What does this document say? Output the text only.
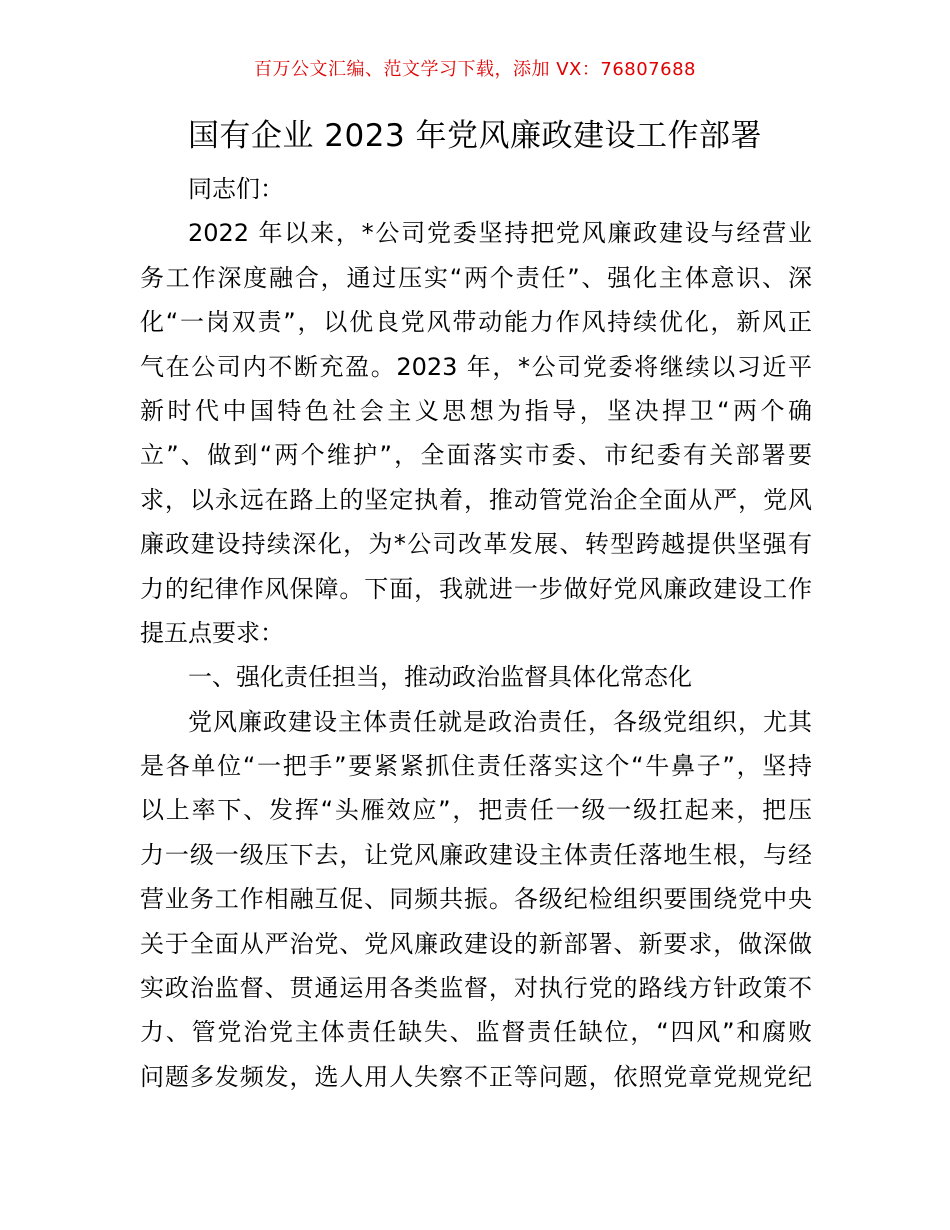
百万公文汇编、范文学习下载，添加 VX：76807688
国有企业 2023 年党风廉政建设工作部署
同志们：
2022 年以来，*公司党委坚持把党风廉政建设与经营业
务工作深度融合，通过压实“两个责任”、强化主体意识、深
化“一岗双责”，以优良党风带动能力作风持续优化，新风正
气在公司内不断充盈。2023 年，*公司党委将继续以习近平
新时代中国特色社会主义思想为指导，坚决捍卫“两个确
立”、做到“两个维护”，全面落实市委、市纪委有关部署要
求，以永远在路上的坚定执着，推动管党治企全面从严，党风
廉政建设持续深化，为*公司改革发展、转型跨越提供坚强有
力的纪律作风保障。下面，我就进一步做好党风廉政建设工作
提五点要求：
一、强化责任担当，推动政治监督具体化常态化
党风廉政建设主体责任就是政治责任，各级党组织，尤其
是各单位“一把手”要紧紧抓住责任落实这个“牛鼻子”，坚持
以上率下、发挥“头雁效应”，把责任一级一级扛起来，把压
力一级一级压下去，让党风廉政建设主体责任落地生根，与经
营业务工作相融互促、同频共振。各级纪检组织要围绕党中央
关于全面从严治党、党风廉政建设的新部署、新要求，做深做
实政治监督、贯通运用各类监督，对执行党的路线方针政策不
力、管党治党主体责任缺失、监督责任缺位，“四风”和腐败
问题多发频发，选人用人失察不正等问题，依照党章党规党纪
